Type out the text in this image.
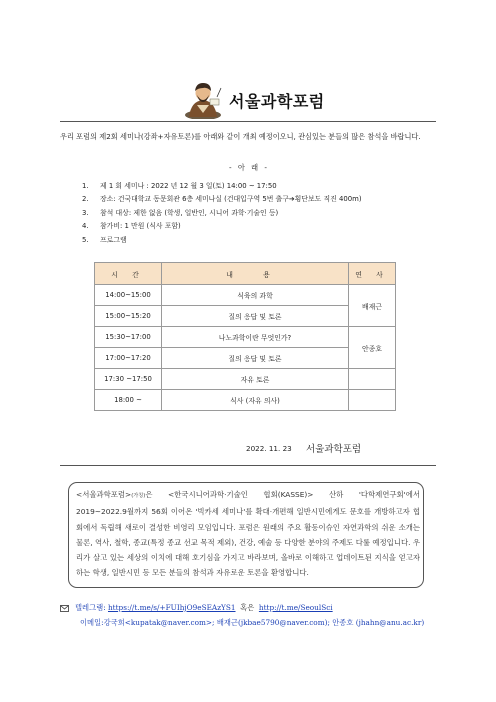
서울과학포럼
우리 포럼의 제2회 세미나(강좌+자유토론)를 아래와 같이 개최 예정이오니, 관심있는 분들의 많은 참석을 바랍니다.
- 아 래 -
1. 제 1 회 세미나 : 2022 년 12 월 3 일(토) 14:00 ~ 17:50
2. 장소: 건국대학교 동문회관 6층 세미나실 (건대입구역 5번 출구➔횡단보도 직진 400m)
3. 참석 대상: 제한 없음 (학생, 일반인, 시니어 과학·기술인 등)
4. 참가비: 1 만원 (식사 포함)
5. 프로그램
시 간	내 용	연 사
14:00~15:00	식육의 과학	배재근
15:00~15:20	질의 응답 및 토론	
15:30~17:00	나노과학이란 무엇인가?	안종호
17:00~17:20	질의 응답 및 토론	
17:30 ~17:50	자유 토론	
18:00 ~	식사 (자유 의사)	
2022. 11. 23 서울과학포럼
<서울과학포럼>(가칭)은 <한국시니어과학·기술인 협회(KASSE)> 산하 '다학제연구회'에서 2019~2022.9월까지 56회 이어온 '빅카세 세미나'를 확대·개편해 일반시민에게도 문호를 개방하고자 협회에서 독립해 새로이 결성한 비영리 모임입니다. 포럼은 원래의 주요 활동이슈인 자연과학의 쉬운 소개는 물론, 역사, 철학, 종교(특정 종교 선교 목적 제외), 건강, 예술 등 다양한 분야의 주제도 다룰 예정입니다. 우리가 살고 있는 세상의 이치에 대해 호기심을 가지고 바라보며, 올바로 이해하고 업데이트된 지식을 얻고자 하는 학생, 일반시민 등 모든 분들의 참석과 자유로운 토론을 환영합니다.
텔레그램: https://t.me/s/+FUIhjO9eSEAzYS1 혹은 http://t.me/SeoulSci
이메일:강국희<kupatak@naver.com>; 배재근(jkbae5790@naver.com); 안종호 (jhahn@anu.ac.kr)
